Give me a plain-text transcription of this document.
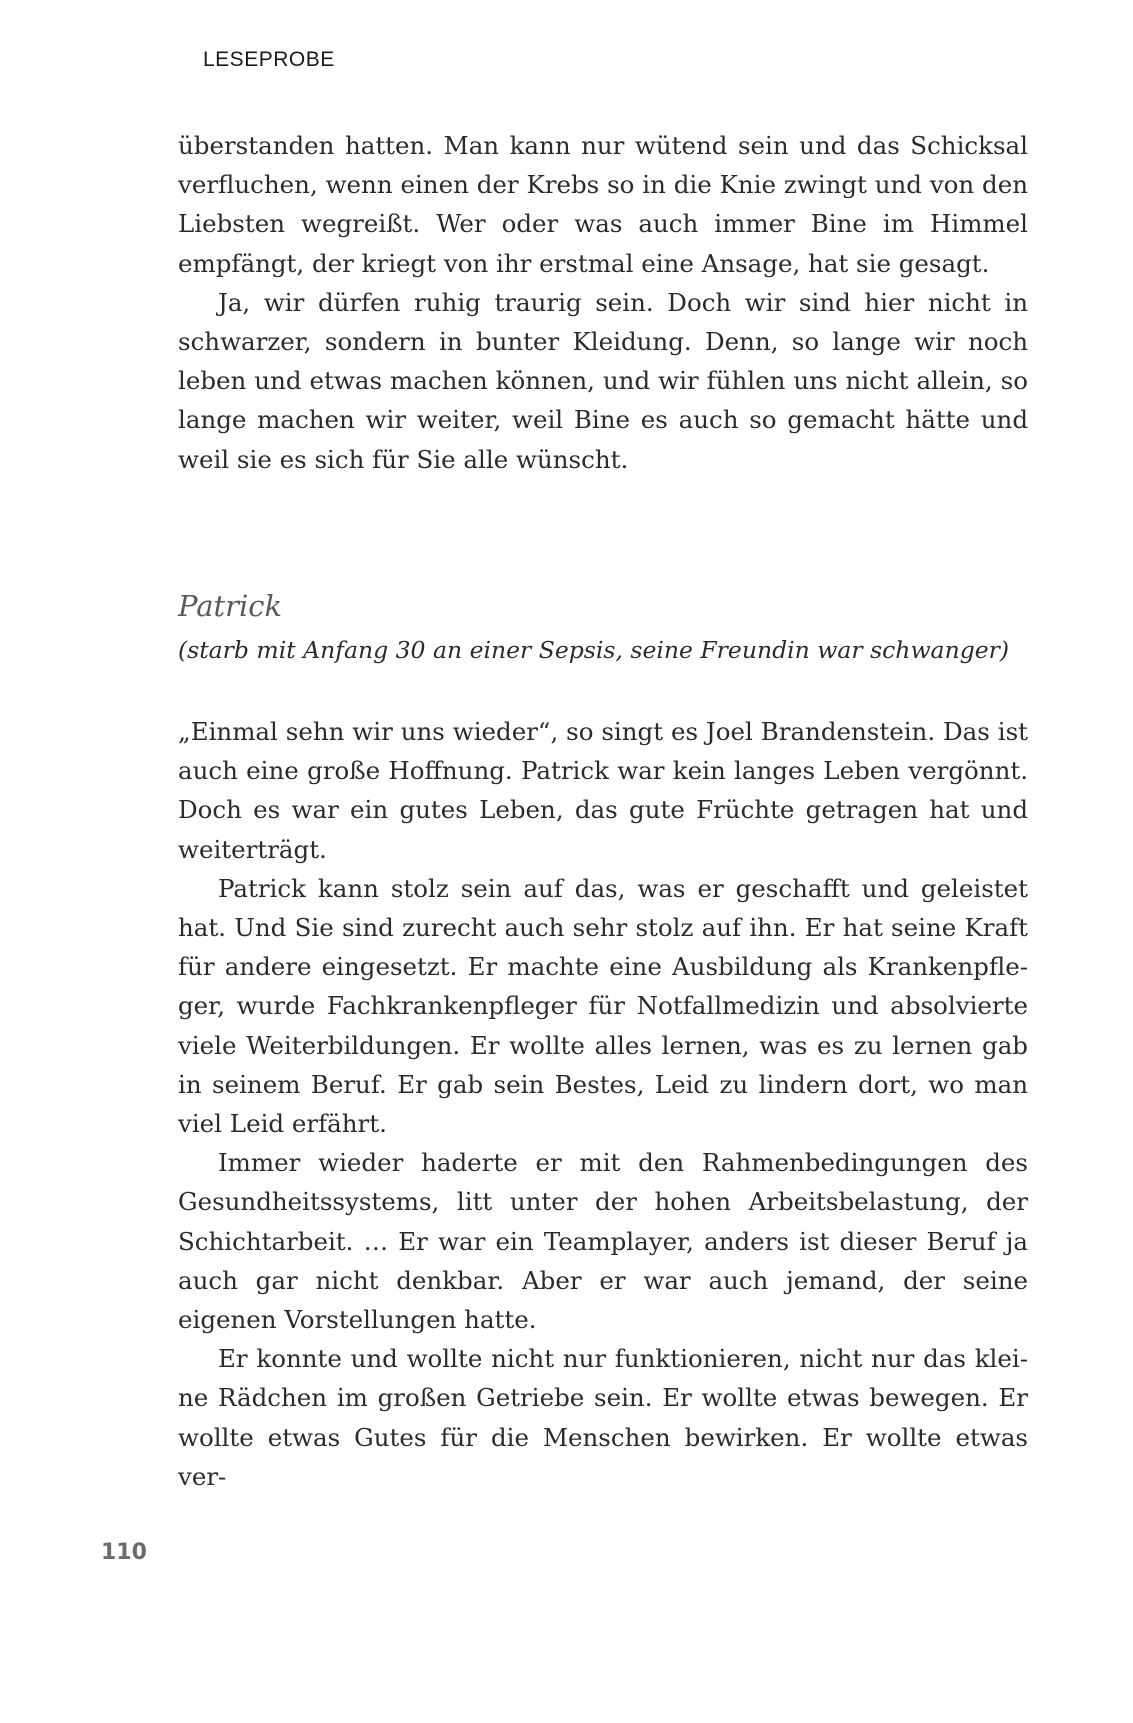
LESEPROBE

überstanden hatten. Man kann nur wütend sein und das Schicksal verfluchen, wenn einen der Krebs so in die Knie zwingt und von den Liebsten wegreißt. Wer oder was auch immer Bine im Himmel empfängt, der kriegt von ihr erstmal eine Ansage, hat sie gesagt.

Ja, wir dürfen ruhig traurig sein. Doch wir sind hier nicht in schwarzer, sondern in bunter Kleidung. Denn, so lange wir noch leben und etwas machen können, und wir fühlen uns nicht allein, so lange machen wir weiter, weil Bine es auch so gemacht hätte und weil sie es sich für Sie alle wünscht.

Patrick
(starb mit Anfang 30 an einer Sepsis, seine Freundin war schwanger)

„Einmal sehn wir uns wieder“, so singt es Joel Brandenstein. Das ist auch eine große Hoffnung. Patrick war kein langes Leben vergönnt. Doch es war ein gutes Leben, das gute Früchte getragen hat und weiterträgt.

Patrick kann stolz sein auf das, was er geschafft und geleistet hat. Und Sie sind zurecht auch sehr stolz auf ihn. Er hat seine Kraft für andere eingesetzt. Er machte eine Ausbildung als Krankenpfleger, wurde Fachkrankenpfleger für Notfallmedizin und absolvierte viele Weiterbildungen. Er wollte alles lernen, was es zu lernen gab in seinem Beruf. Er gab sein Bestes, Leid zu lindern dort, wo man viel Leid erfährt.

Immer wieder haderte er mit den Rahmenbedingungen des Gesundheitssystems, litt unter der hohen Arbeitsbelastung, der Schichtarbeit. … Er war ein Teamplayer, anders ist dieser Beruf ja auch gar nicht denkbar. Aber er war auch jemand, der seine eigenen Vorstellungen hatte.

Er konnte und wollte nicht nur funktionieren, nicht nur das kleine Rädchen im großen Getriebe sein. Er wollte etwas bewegen. Er wollte etwas Gutes für die Menschen bewirken. Er wollte etwas ver-

110
